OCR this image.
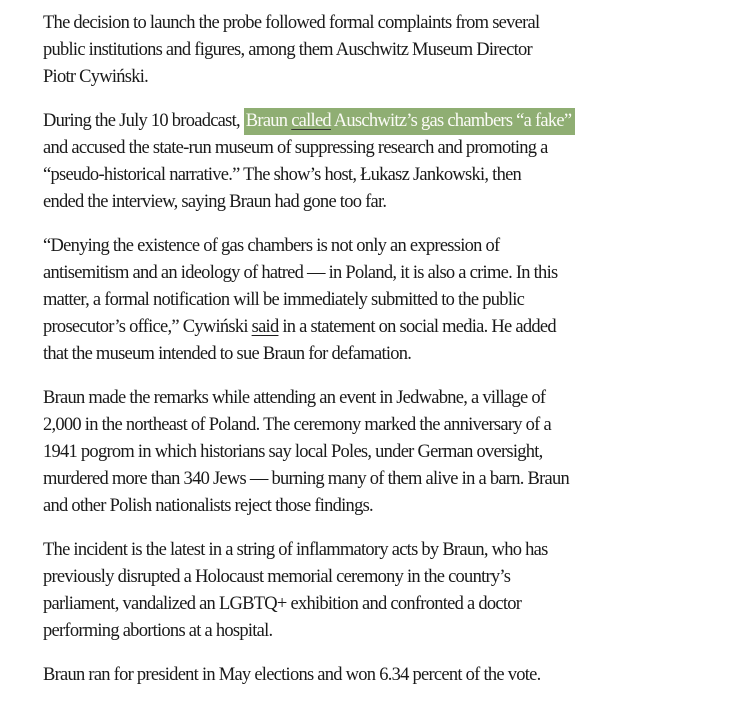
The decision to launch the probe followed formal complaints from several
public institutions and figures, among them Auschwitz Museum Director
Piotr Cywiński.

During the July 10 broadcast, Braun called Auschwitz’s gas chambers “a fake”
and accused the state-run museum of suppressing research and promoting a
“pseudo-historical narrative.” The show’s host, Łukasz Jankowski, then
ended the interview, saying Braun had gone too far.

“Denying the existence of gas chambers is not only an expression of
antisemitism and an ideology of hatred — in Poland, it is also a crime. In this
matter, a formal notification will be immediately submitted to the public
prosecutor’s office,” Cywiński said in a statement on social media. He added
that the museum intended to sue Braun for defamation.

Braun made the remarks while attending an event in Jedwabne, a village of
2,000 in the northeast of Poland. The ceremony marked the anniversary of a
1941 pogrom in which historians say local Poles, under German oversight,
murdered more than 340 Jews — burning many of them alive in a barn. Braun
and other Polish nationalists reject those findings.

The incident is the latest in a string of inflammatory acts by Braun, who has
previously disrupted a Holocaust memorial ceremony in the country’s
parliament, vandalized an LGBTQ+ exhibition and confronted a doctor
performing abortions at a hospital.

Braun ran for president in May elections and won 6.34 percent of the vote.
